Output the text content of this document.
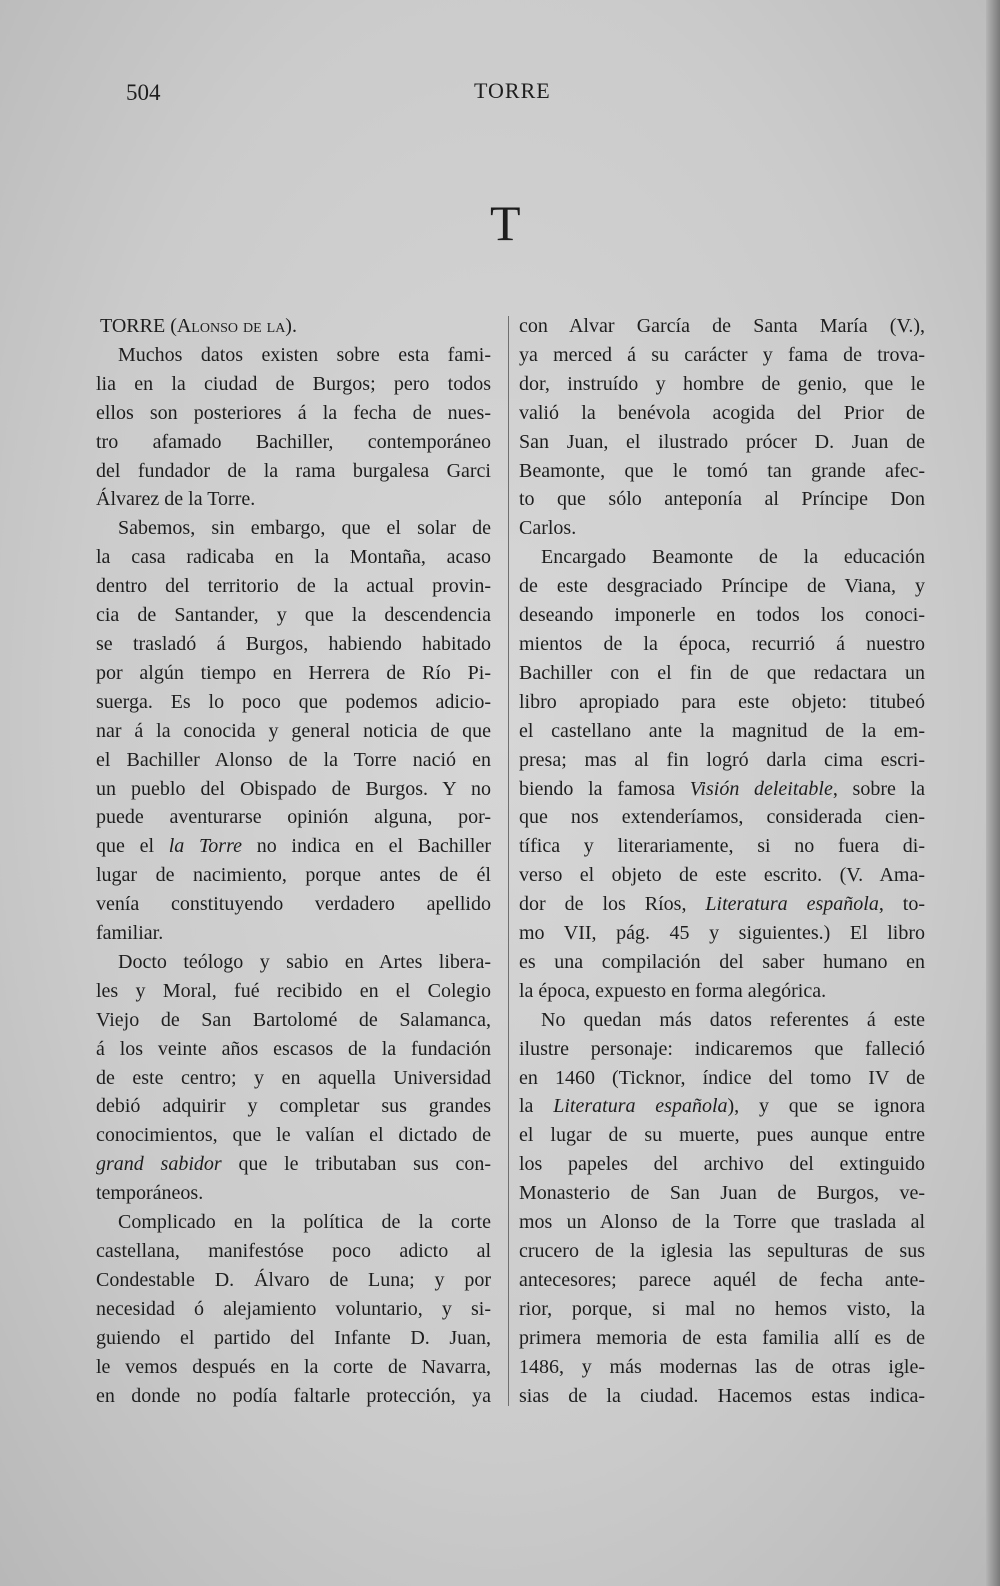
504	TORRE
T
TORRE (Alonso de la).
Muchos datos existen sobre esta fami-
lia en la ciudad de Burgos; pero todos
ellos son posteriores á la fecha de nues-
tro afamado Bachiller, contemporáneo
del fundador de la rama burgalesa Garci
Álvarez de la Torre.
Sabemos, sin embargo, que el solar de
la casa radicaba en la Montaña, acaso
dentro del territorio de la actual provin-
cia de Santander, y que la descendencia
se trasladó á Burgos, habiendo habitado
por algún tiempo en Herrera de Río Pi-
suerga. Es lo poco que podemos adicio-
nar á la conocida y general noticia de que
el Bachiller Alonso de la Torre nació en
un pueblo del Obispado de Burgos. Y no
puede aventurarse opinión alguna, por-
que el la Torre no indica en el Bachiller
lugar de nacimiento, porque antes de él
venía constituyendo verdadero apellido
familiar.
Docto teólogo y sabio en Artes libera-
les y Moral, fué recibido en el Colegio
Viejo de San Bartolomé de Salamanca,
á los veinte años escasos de la fundación
de este centro; y en aquella Universidad
debió adquirir y completar sus grandes
conocimientos, que le valían el dictado de
grand sabidor que le tributaban sus con-
temporáneos.
Complicado en la política de la corte
castellana, manifestóse poco adicto al
Condestable D. Álvaro de Luna; y por
necesidad ó alejamiento voluntario, y si-
guiendo el partido del Infante D. Juan,
le vemos después en la corte de Navarra,
en donde no podía faltarle protección, ya
con Alvar García de Santa María (V.),
ya merced á su carácter y fama de trova-
dor, instruído y hombre de genio, que le
valió la benévola acogida del Prior de
San Juan, el ilustrado prócer D. Juan de
Beamonte, que le tomó tan grande afec-
to que sólo anteponía al Príncipe Don
Carlos.
Encargado Beamonte de la educación
de este desgraciado Príncipe de Viana, y
deseando imponerle en todos los conoci-
mientos de la época, recurrió á nuestro
Bachiller con el fin de que redactara un
libro apropiado para este objeto: titubeó
el castellano ante la magnitud de la em-
presa; mas al fin logró darla cima escri-
biendo la famosa Visión deleitable, sobre la
que nos extenderíamos, considerada cien-
tífica y literariamente, si no fuera di-
verso el objeto de este escrito. (V. Ama-
dor de los Ríos, Literatura española, to-
mo VII, pág. 45 y siguientes.) El libro
es una compilación del saber humano en
la época, expuesto en forma alegórica.
No quedan más datos referentes á este
ilustre personaje: indicaremos que falleció
en 1460 (Ticknor, índice del tomo IV de
la Literatura española), y que se ignora
el lugar de su muerte, pues aunque entre
los papeles del archivo del extinguido
Monasterio de San Juan de Burgos, ve-
mos un Alonso de la Torre que traslada al
crucero de la iglesia las sepulturas de sus
antecesores; parece aquél de fecha ante-
rior, porque, si mal no hemos visto, la
primera memoria de esta familia allí es de
1486, y más modernas las de otras igle-
sias de la ciudad. Hacemos estas indica-
